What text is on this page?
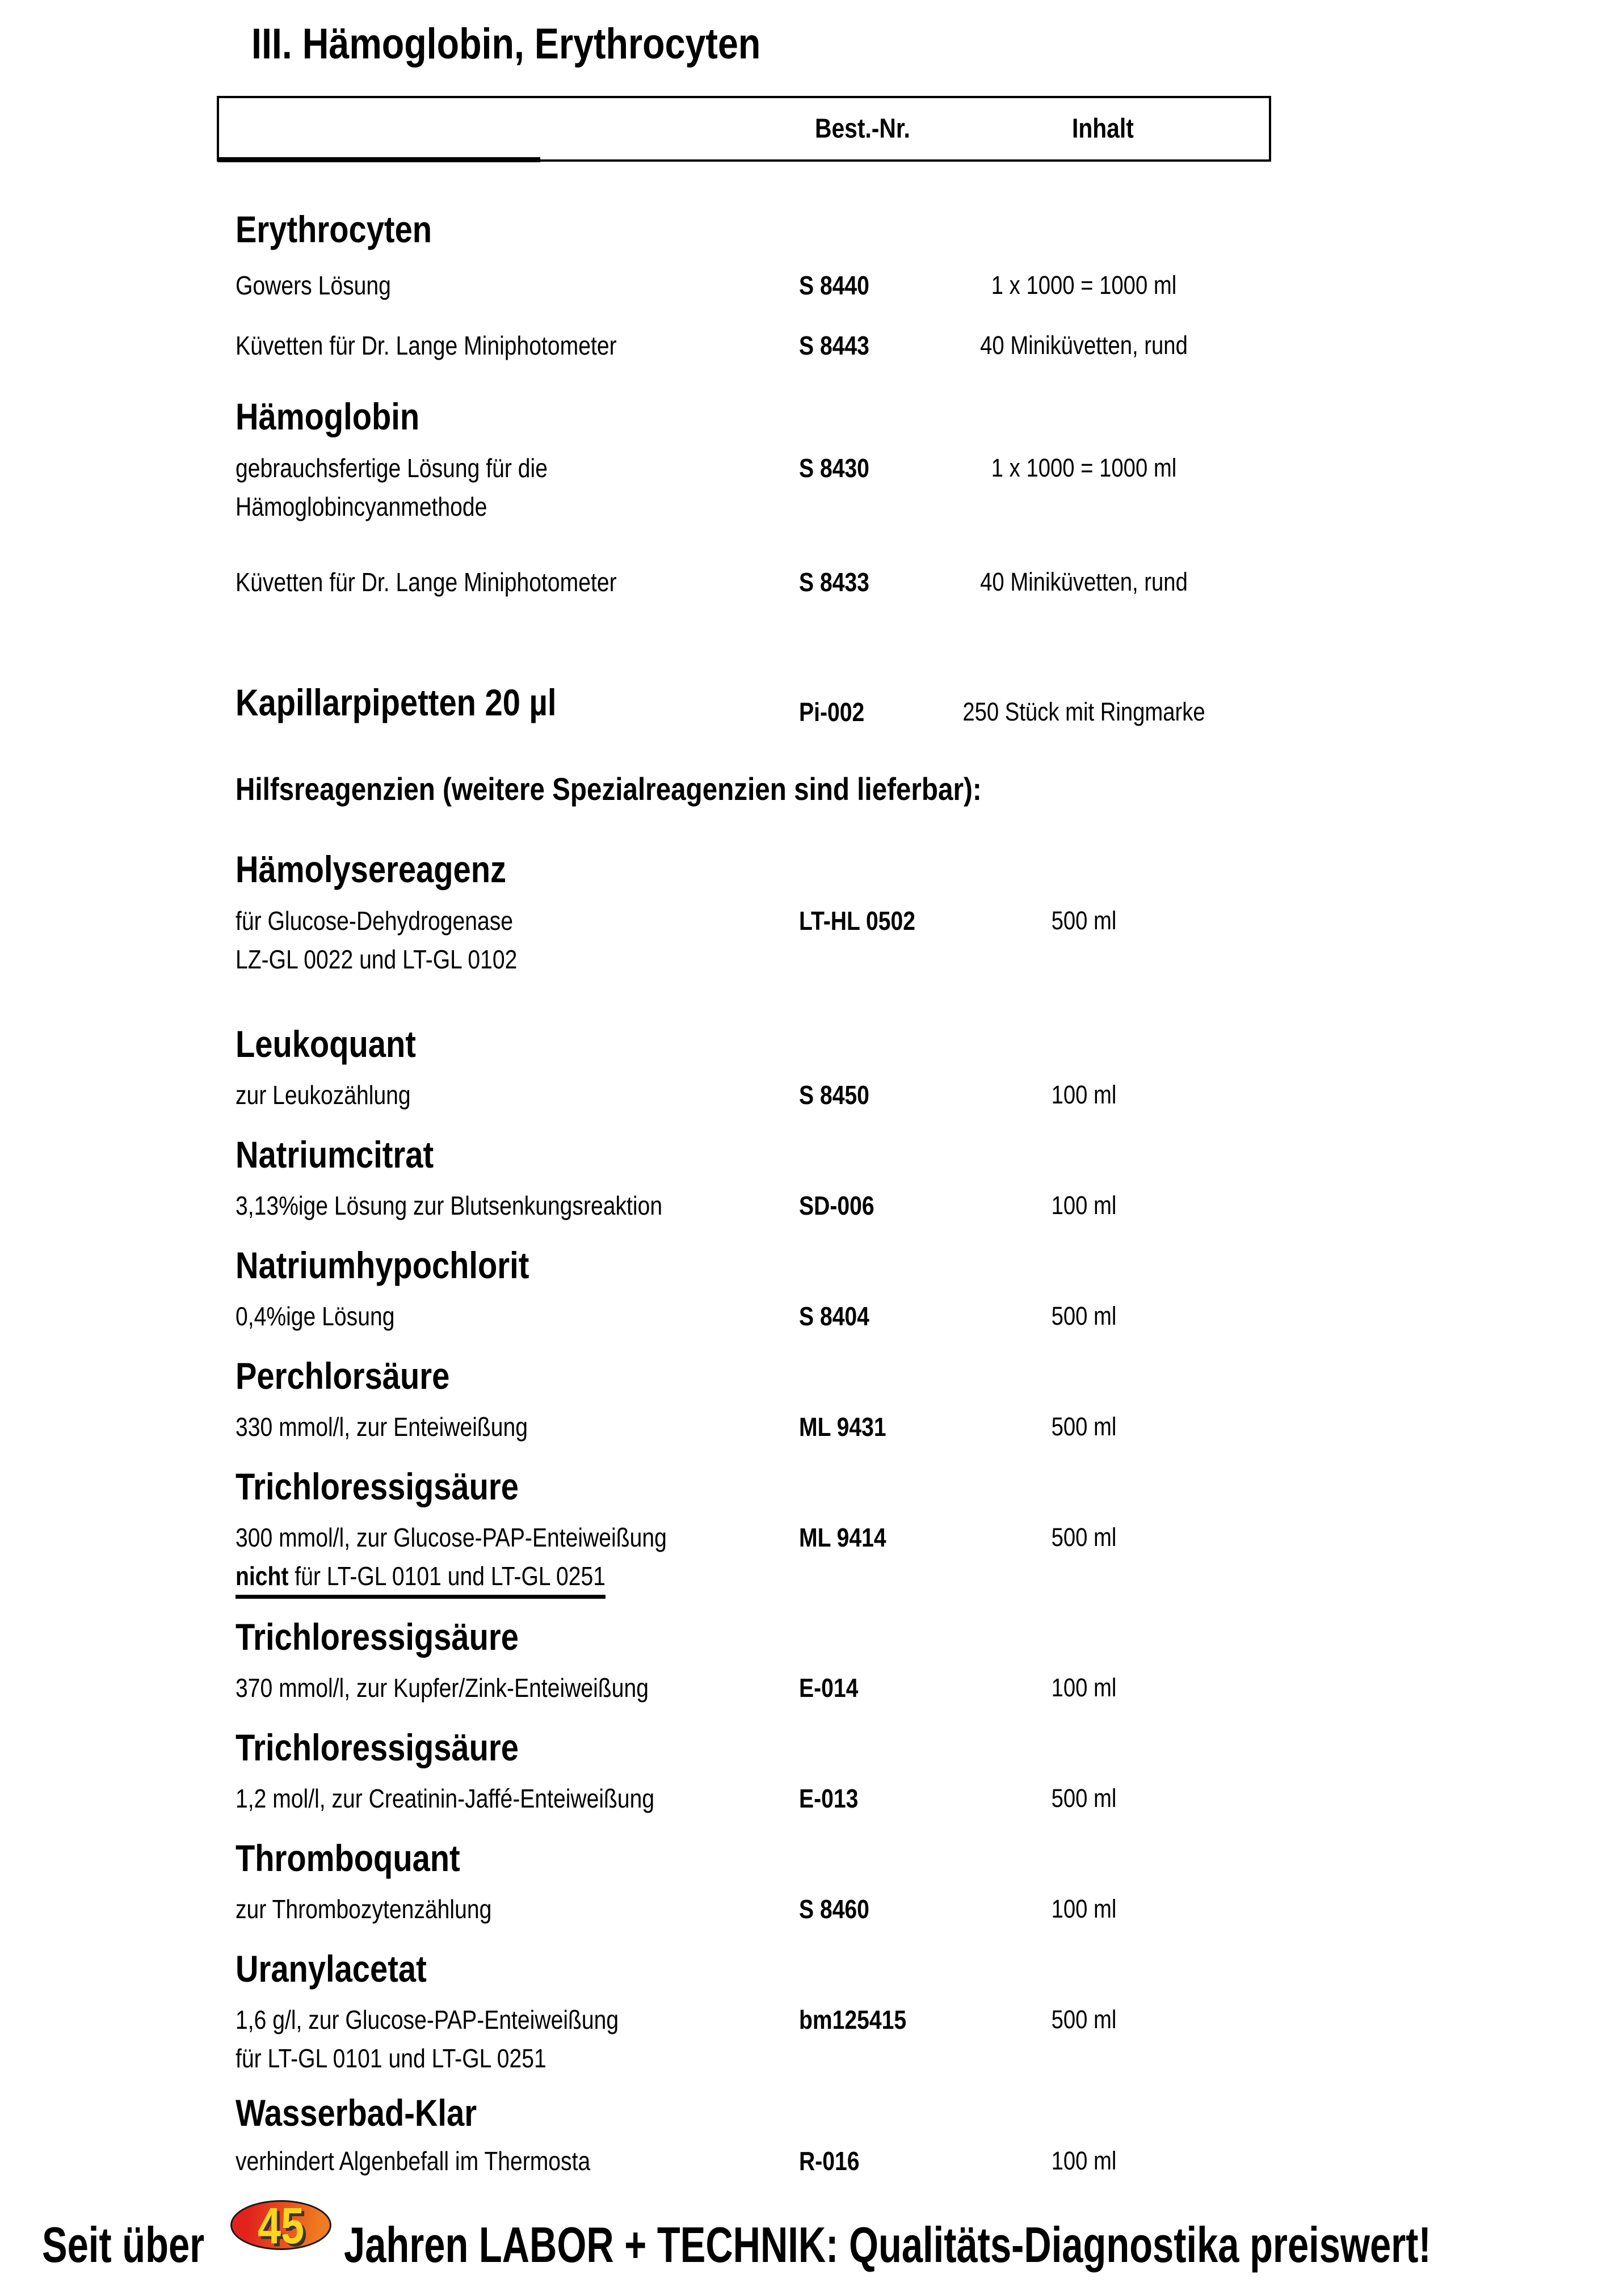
III. Hämoglobin, Erythrocyten
Best.-Nr.	Inhalt
Erythrocyten
Gowers Lösung	S 8440	1 x 1000 = 1000 ml
Küvetten für Dr. Lange Miniphotometer	S 8443	40 Miniküvetten, rund
Hämoglobin
gebrauchsfertige Lösung für die	S 8430	1 x 1000 = 1000 ml
Hämoglobincyanmethode
Küvetten für Dr. Lange Miniphotometer	S 8433	40 Miniküvetten, rund
Kapillarpipetten 20 µl	Pi-002	250 Stück mit Ringmarke
Hilfsreagenzien (weitere Spezialreagenzien sind lieferbar):
Hämolysereagenz
für Glucose-Dehydrogenase	LT-HL 0502	500 ml
LZ-GL 0022 und LT-GL 0102
Leukoquant
zur Leukozählung	S 8450	100 ml
Natriumcitrat
3,13%ige Lösung zur Blutsenkungsreaktion	SD-006	100 ml
Natriumhypochlorit
0,4%ige Lösung	S 8404	500 ml
Perchlorsäure
330 mmol/l, zur Enteiweißung	ML 9431	500 ml
Trichloressigsäure
300 mmol/l, zur Glucose-PAP-Enteiweißung	ML 9414	500 ml
nicht für LT-GL 0101 und LT-GL 0251
Trichloressigsäure
370 mmol/l, zur Kupfer/Zink-Enteiweißung	E-014	100 ml
Trichloressigsäure
1,2 mol/l, zur Creatinin-Jaffé-Enteiweißung	E-013	500 ml
Thromboquant
zur Thrombozytenzählung	S 8460	100 ml
Uranylacetat
1,6 g/l, zur Glucose-PAP-Enteiweißung	bm125415	500 ml
für LT-GL 0101 und LT-GL 0251
Wasserbad-Klar
verhindert Algenbefall im Thermosta	R-016	100 ml
Seit über 45 Jahren LABOR + TECHNIK: Qualitäts-Diagnostika preiswert!
